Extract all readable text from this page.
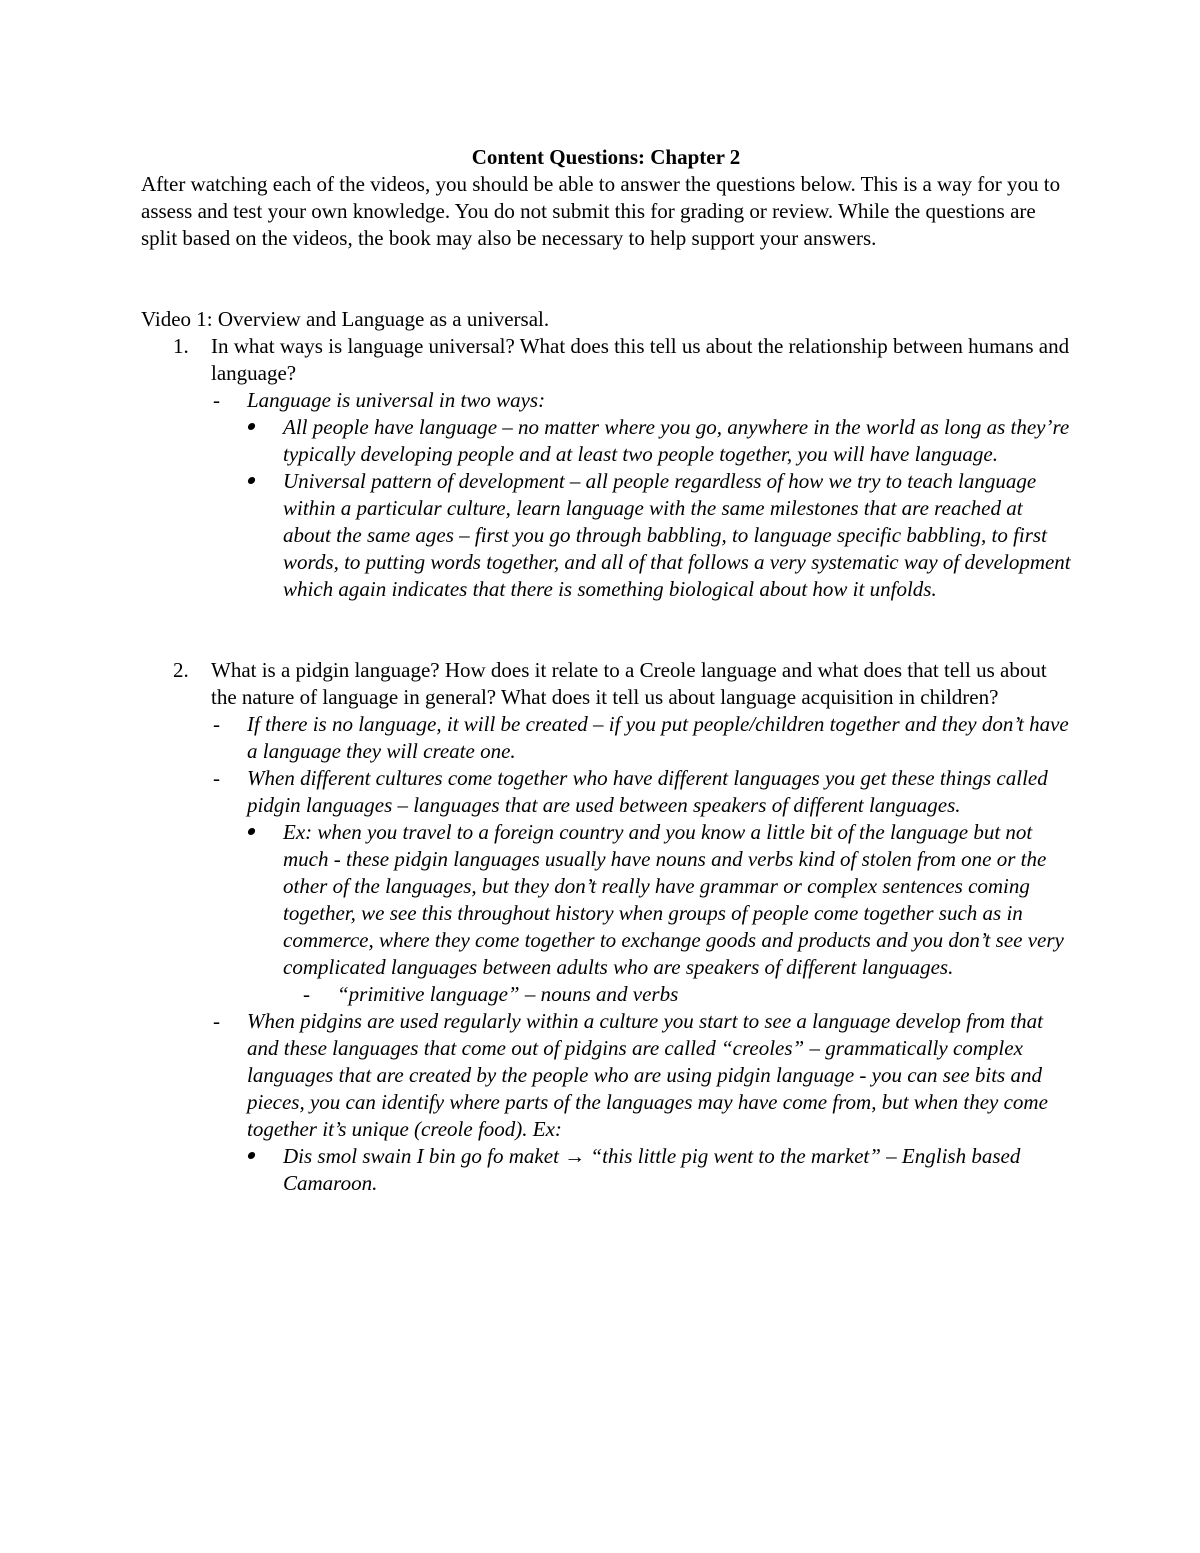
Content Questions: Chapter 2

After watching each of the videos, you should be able to answer the questions below. This is a way for you to assess and test your own knowledge. You do not submit this for grading or review. While the questions are split based on the videos, the book may also be necessary to help support your answers.

Video 1: Overview and Language as a universal.

1. In what ways is language universal? What does this tell us about the relationship between humans and language?
- Language is universal in two ways:
All people have language – no matter where you go, anywhere in the world as long as they’re typically developing people and at least two people together, you will have language.
Universal pattern of development – all people regardless of how we try to teach language within a particular culture, learn language with the same milestones that are reached at about the same ages – first you go through babbling, to language specific babbling, to first words, to putting words together, and all of that follows a very systematic way of development which again indicates that there is something biological about how it unfolds.
2. What is a pidgin language? How does it relate to a Creole language and what does that tell us about the nature of language in general? What does it tell us about language acquisition in children?
- If there is no language, it will be created – if you put people/children together and they don’t have a language they will create one.
- When different cultures come together who have different languages you get these things called pidgin languages – languages that are used between speakers of different languages.
Ex: when you travel to a foreign country and you know a little bit of the language but not much - these pidgin languages usually have nouns and verbs kind of stolen from one or the other of the languages, but they don’t really have grammar or complex sentences coming together, we see this throughout history when groups of people come together such as in commerce, where they come together to exchange goods and products and you don’t see very complicated languages between adults who are speakers of different languages.
- “primitive language” – nouns and verbs
- When pidgins are used regularly within a culture you start to see a language develop from that and these languages that come out of pidgins are called “creoles” – grammatically complex languages that are created by the people who are using pidgin language - you can see bits and pieces, you can identify where parts of the languages may have come from, but when they come together it’s unique (creole food). Ex:
Dis smol swain I bin go fo maket → “this little pig went to the market” – English based Camaroon.
